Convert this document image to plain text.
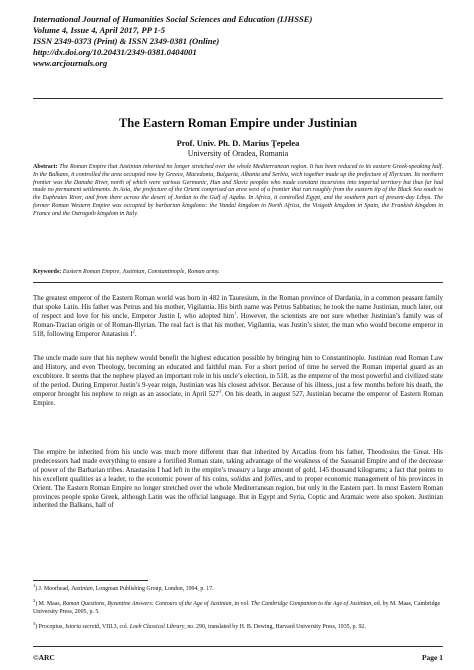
International Journal of Humanities Social Sciences and Education (IJHSSE)
Volume 4, Issue 4, April 2017, PP 1-5
ISSN 2349-0373 (Print) & ISSN 2349-0381 (Online)
http://dx.doi.org/10.20431/2349-0381.0404001
www.arcjournals.org
The Eastern Roman Empire under Justinian
Prof. Univ. Ph. D. Marius Ţepelea
University of Oradea, Romania
Abstract: The Roman Empire that Justinian inherited no longer stretched over the whole Mediterranean region. It has been reduced to its eastern Greek-speaking half. In the Balkans, it controlled the area occupied now by Greece, Macedonia, Bulgaria, Albania and Serbia, wich together made up the prefecture of Illyricum. Its northern frontier was the Danube River, north of which were various Germanic, Hun and Slavic peoples who made constant incursions into imperial territory but thus far had made no permanent settlements. In Asia, the prefecture of the Orient comprised an area west of a frontier that ran roughly from the eastern tip of the Black Sea south to the Euphrates River, and from there across the desert of Jordan to the Gulf of Aqaba. In Africa, it controlled Egypt, and the southern part of present-day Libya. The former Roman Western Empire was occupied by barbarian kingdoms: the Vandal kingdom in North Africa, the Visigoth kingdom in Spain, the Frankish kingdom in France and the Ostrogoth kingdom in Italy.
Keywords: Eastern Roman Empire, Justinian, Constantinople, Roman army.
The greatest emperor of the Eastern Roman world was born in 482 in Tauresium, in the Roman province of Dardania, in a common peasant family that spoke Latin. His father was Petrus and his mother, Vigilantia. His birth name was Petrus Sabbatius; he took the name Justinian, much later, out of respect and love for his uncle, Emperor Justin I, who adopted him$^1$. However, the scientists are not sure whether Justinian’s family was of Roman-Tracian origin or of Roman-Illyrian. The real fact is that his mother, Vigilantia, was Justin’s sister, the man who would become emperor in 518, following Emperor Anatasius $I^2$.
The uncle made sure that his nephew would benefit the highest education possible by bringing him to Constantinople. Justinian read Roman Law and History, and even Theology, becoming an educated and faithful man. For a short period of time he served the Roman imperial guard as an excubitore. It seems that the nephew played an important role in his uncle’s election, in 518, as the emperor of the most powerful and civilized state of the period. During Emperor Justin’s 9-year reign, Justinian was his closest advisor. Because of his illness, just a few months before his death, the emperor brought his nephew to reign as an associate, in April $527^3$. On his death, in august 527, Justinian became the emperor of Eastern Roman Empire.
The empire he inherited from his uncle was much more different than that inherited by Arcadius from his father, Theodosius the Great. His predecessors had made everything to ensure a fortified Roman state, taking advantage of the weakness of the Sassanid Empire and of the decrease of power of the Barbarian tribes. Anastasius I had left in the empire’s treasury a large amount of gold, 145 thousand kilograms; a fact that points to his excellent qualities as a leader, to the economic power of his coins, solidus and follies, and to proper economic management of his provinces in Orient. The Eastern Roman Empire no longer stretched over the whole Mediterranean region, but only in the Eastern part. In most Eastern Roman provinces people spoke Greek, although Latin was the official language. But in Egypt and Syria, Coptic and Aramaic were also spoken. Justinian inherited the Balkans, half of
$^1$) J. Moorhead, Justinian, Longman Publishing Group, London, 1994, p. 17.
$^2$) M. Maas, Roman Questions, Byzantine Answers: Contours of the Age of Justinian, in vol. The Cambridge Companion to the Age of Justinian, ed. by M. Maas, Cambridge University Press, 2005, p. 5.
$^3$) Procopius, Istoria secretă, VIII.3, col. Loeb Classical Library, no. 290, translated by H. B. Dewing, Harvard University Press, 1935, p. 92.
©ARC	Page 1
